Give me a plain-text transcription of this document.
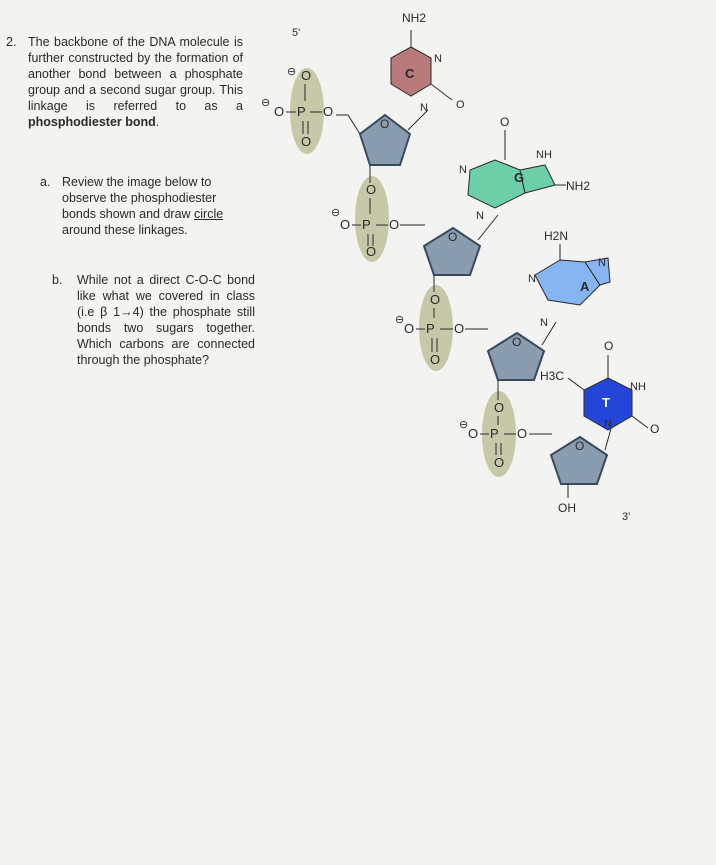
2. The backbone of the DNA molecule is further constructed by the formation of another bond between a phosphate group and a second sugar group. This linkage is referred to as a phosphodiester bond.
a. Review the image below to observe the phosphodiester bonds shown and draw circle around these linkages.
b. While not a direct C-O-C bond like what we covered in class (i.e β 1→4) the phosphate still bonds two sugars together. Which carbons are connected through the phosphate?
5'
3'
O
O
P
O	O
⊖
⊖
O
O
P
O	O
⊖
O
O
P
O	O
⊖
O
O
P
O	O
⊖
O
O
O
O
OH
C
NH2
N
N	O
G
NH
N
N
NH2
O
A
H2N
N
N
N
T
H3C
NH
N
O
O
